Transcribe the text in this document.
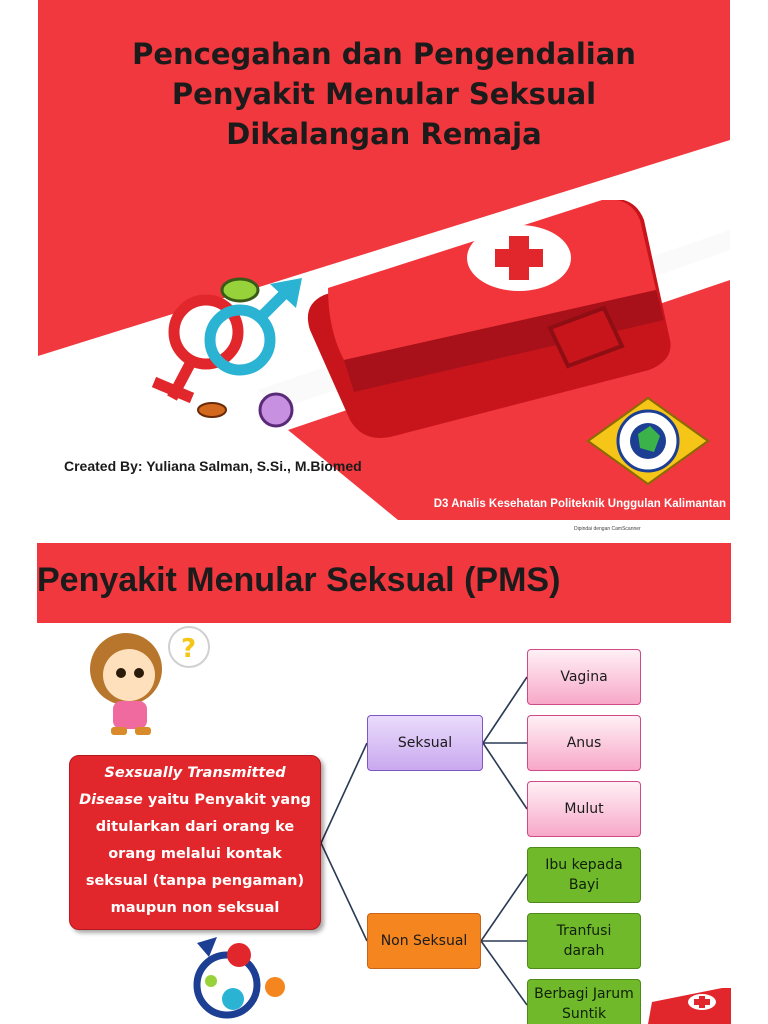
Pencegahan dan Pengendalian
Penyakit Menular Seksual
Dikalangan Remaja
Created By: Yuliana Salman, S.Si., M.Biomed
D3 Analis Kesehatan Politeknik Unggulan Kalimantan
Dipindai dengan CamScanner
Penyakit Menular Seksual (PMS)
?
Sexsually Transmitted
Disease yaitu Penyakit yang
ditularkan dari orang ke
orang melalui kontak
seksual (tanpa pengaman)
maupun non seksual
Seksual
Non Seksual
Vagina
Anus
Mulut
Ibu kepada Bayi
Tranfusi darah
Berbagi Jarum Suntik
